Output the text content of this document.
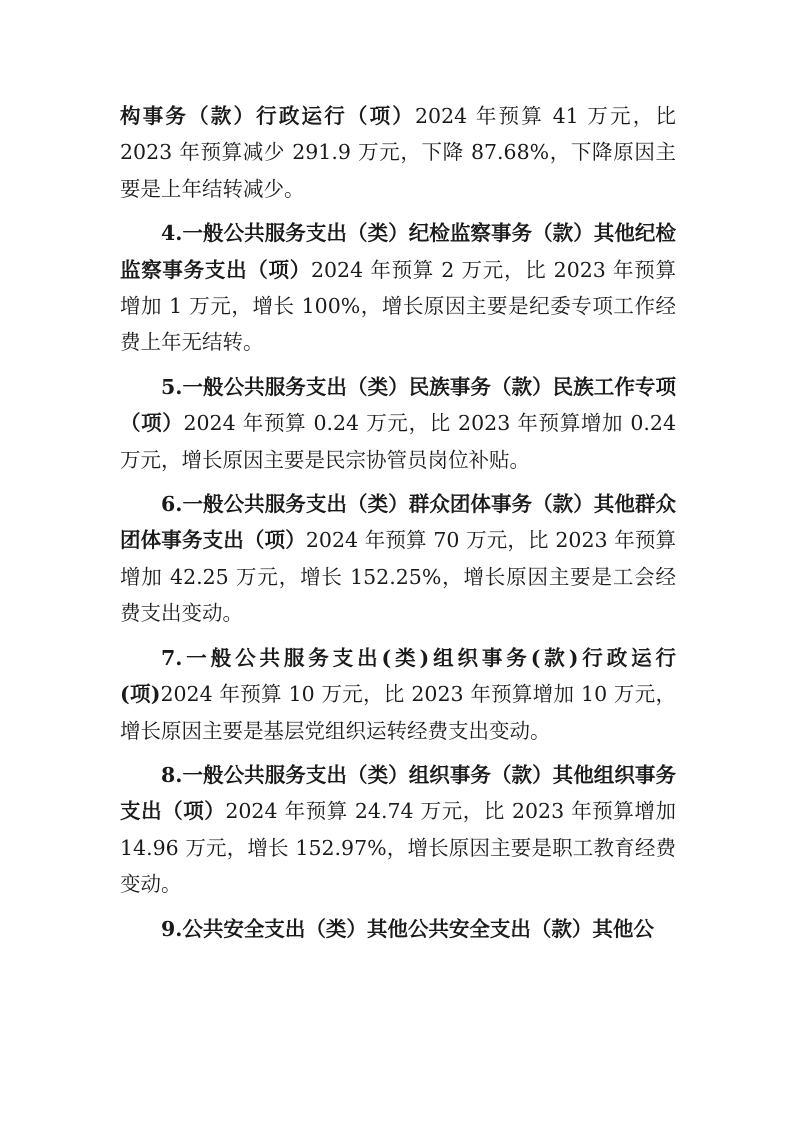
构事务（款）行政运行（项）2024 年预算 41 万元，比 2023 年预算减少 291.9 万元，下降 87.68%，下降原因主要是上年结转减少。

4.一般公共服务支出（类）纪检监察事务（款）其他纪检监察事务支出（项）2024 年预算 2 万元，比 2023 年预算增加 1 万元，增长 100%，增长原因主要是纪委专项工作经费上年无结转。

5.一般公共服务支出（类）民族事务（款）民族工作专项（项）2024 年预算 0.24 万元，比 2023 年预算增加 0.24 万元，增长原因主要是民宗协管员岗位补贴。

6.一般公共服务支出（类）群众团体事务（款）其他群众团体事务支出（项）2024 年预算 70 万元，比 2023 年预算增加 42.25 万元，增长 152.25%，增长原因主要是工会经费支出变动。

7.一般公共服务支出(类)组织事务(款)行政运行(项)2024 年预算 10 万元，比 2023 年预算增加 10 万元，增长原因主要是基层党组织运转经费支出变动。

8.一般公共服务支出（类）组织事务（款）其他组织事务支出（项）2024 年预算 24.74 万元，比 2023 年预算增加 14.96 万元，增长 152.97%，增长原因主要是职工教育经费变动。

9.公共安全支出（类）其他公共安全支出（款）其他公
